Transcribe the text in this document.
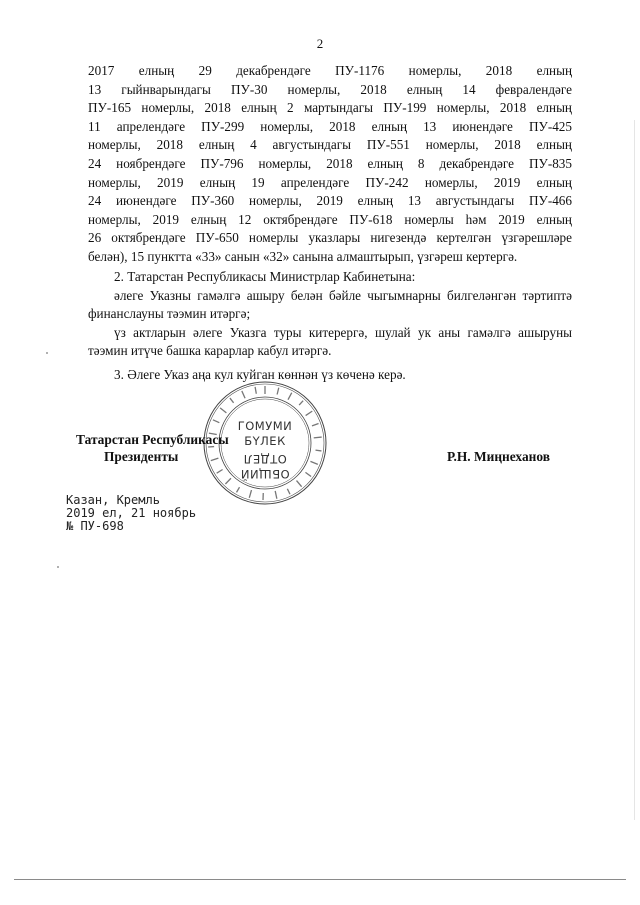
2
2017 елның 29 декабрендәге ПУ-1176 номерлы, 2018 елның
13 гыйнварындагы ПУ-30 номерлы, 2018 елның 14 февралендәге
ПУ-165 номерлы, 2018 елның 2 мартындагы ПУ-199 номерлы, 2018 елның
11 апрелендәге ПУ-299 номерлы, 2018 елның 13 июнендәге ПУ-425
номерлы, 2018 елның 4 августындагы ПУ-551 номерлы, 2018 елның
24 ноябрендәге ПУ-796 номерлы, 2018 елның 8 декабрендәге ПУ-835
номерлы, 2019 елның 19 апрелендәге ПУ-242 номерлы, 2019 елның
24 июнендәге ПУ-360 номерлы, 2019 елның 13 августындагы ПУ-466
номерлы, 2019 елның 12 октябрендәге ПУ-618 номерлы һәм 2019 елның
26 октябрендәге ПУ-650 номерлы указлары нигезендә кертелгән үзгәрешләре
белән), 15 пунктта «33» санын «32» санына алмаштырып, үзгәреш кертергә.
2. Татарстан Республикасы Министрлар Кабинетына:
әлеге Указны гамәлгә ашыру белән бәйле чыгымнарны билгеләнгән тәртиптә финанслауны тәэмин итәргә;
үз актларын әлеге Указга туры китерергә, шулай ук аны гамәлгә ашыруны тәэмин итүче башка карарлар кабул итәргә.
3. Әлеге Указ аңа кул куйган көннән үз көченә керә.
ГОМУМИ
БҮЛЕК
ОБЩИЙ
ОТДЕЛ
Татарстан Республикасы
Президенты	Р.Н. Миңнеханов
Казан, Кремль
2019 ел, 21 ноябрь
№ ПУ-698
